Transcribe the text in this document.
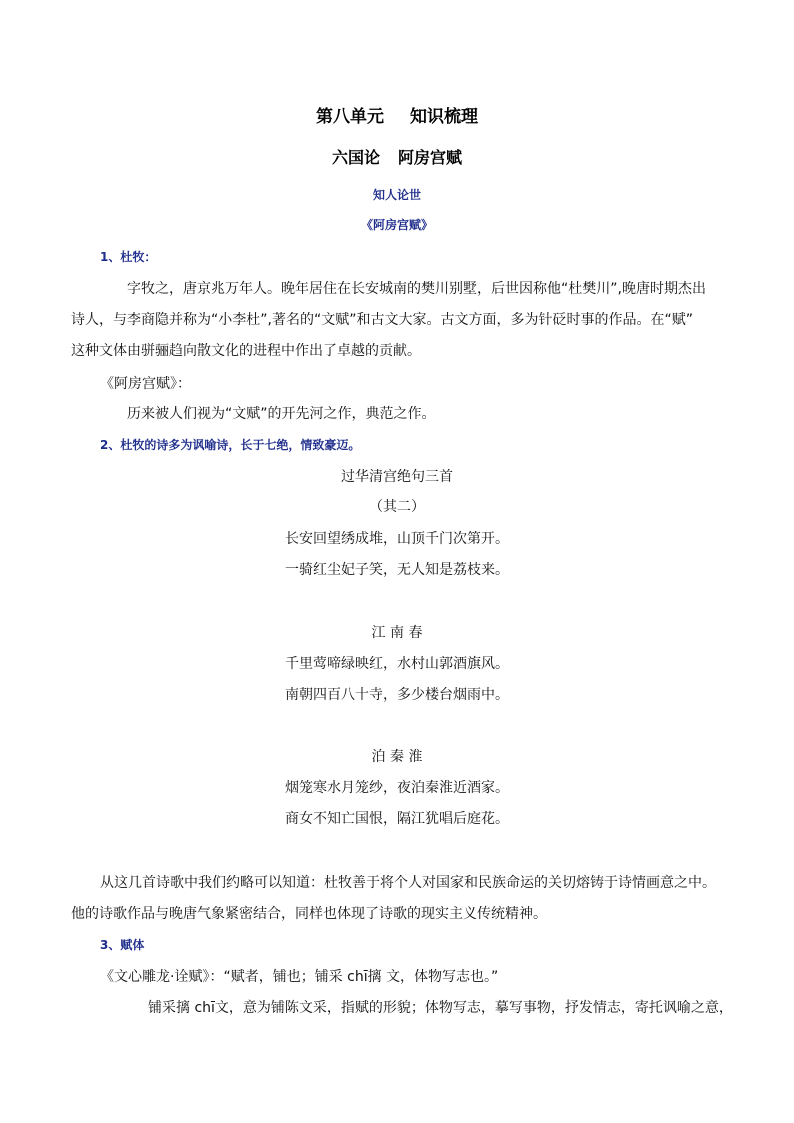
第八单元 知识梳理
六国论 阿房宫赋
知人论世
《阿房宫赋》
1、杜牧：
字牧之，唐京兆万年人。晚年居住在长安城南的樊川别墅，后世因称他“杜樊川”,晚唐时期杰出
诗人，与李商隐并称为“小李杜”,著名的“文赋”和古文大家。古文方面，多为针砭时事的作品。在“赋”
这种文体由骈骊趋向散文化的进程中作出了卓越的贡献。
《阿房宫赋》：
历来被人们视为“文赋”的开先河之作，典范之作。
2、杜牧的诗多为讽喻诗，长于七绝，情致豪迈。
过华清宫绝句三首
（其二）
长安回望绣成堆，山顶千门次第开。
一骑红尘妃子笑，无人知是荔枝来。
江 南 春
千里莺啼绿映红，水村山郭酒旗风。
南朝四百八十寺，多少楼台烟雨中。
泊 秦 淮
烟笼寒水月笼纱，夜泊秦淮近酒家。
商女不知亡国恨，隔江犹唱后庭花。
从这几首诗歌中我们约略可以知道：杜牧善于将个人对国家和民族命运的关切熔铸于诗情画意之中。
他的诗歌作品与晚唐气象紧密结合，同样也体现了诗歌的现实主义传统精神。
3、赋体
《文心雕龙·诠赋》：“赋者，铺也；铺采 chī摛 文，体物写志也。”
铺采摛 chī文，意为铺陈文采，指赋的形貌；体物写志，摹写事物，抒发情志，寄托讽喻之意，
